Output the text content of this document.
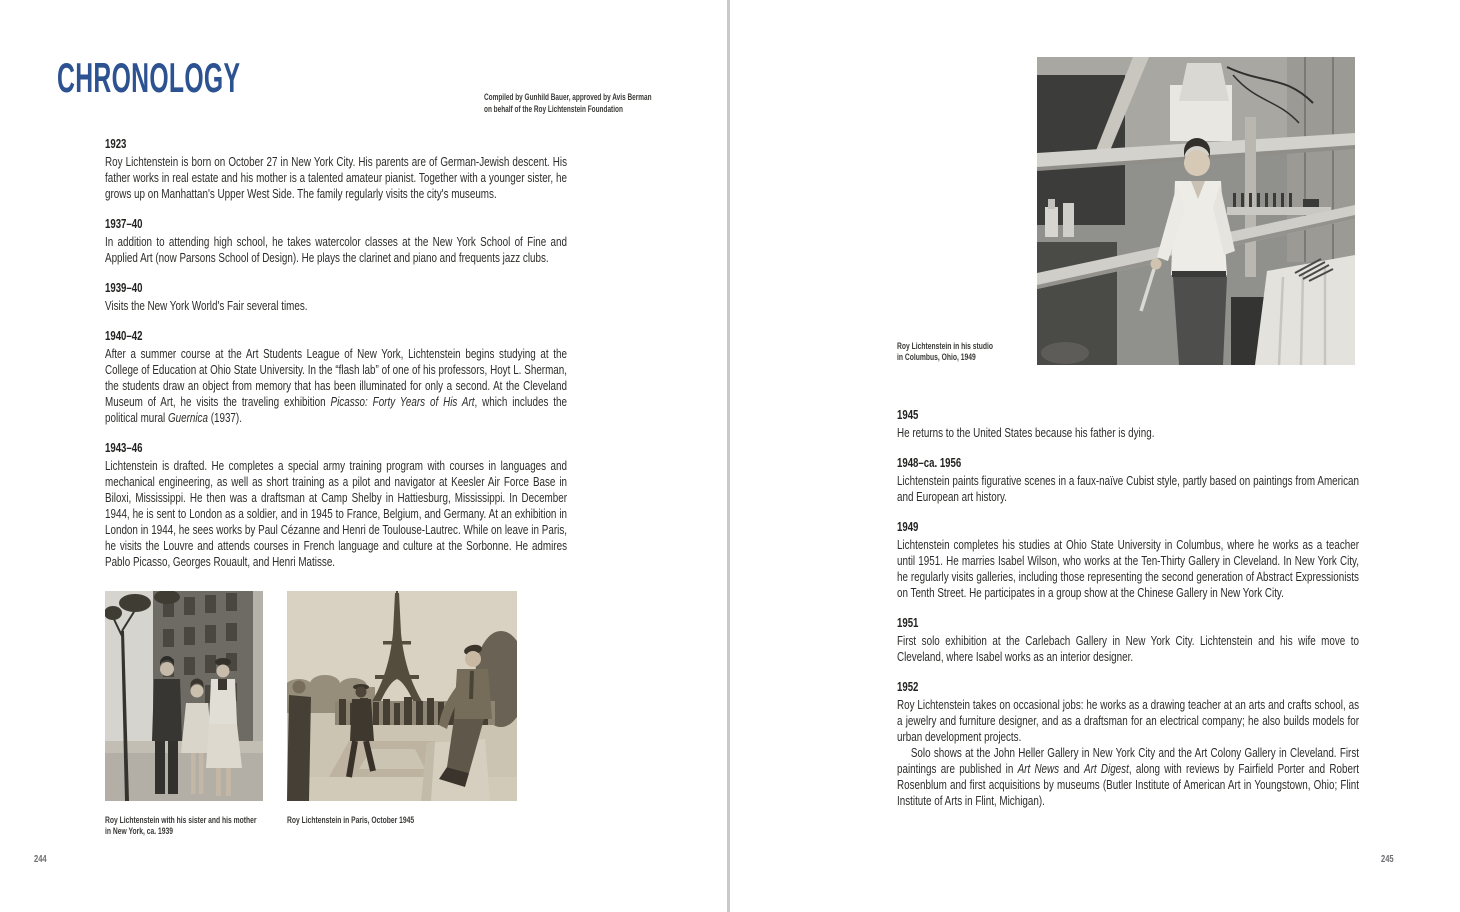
CHRONOLOGY	Compiled by Gunhild Bauer, approved by Avis Berman
on behalf of the Roy Lichtenstein Foundation
1923

Roy Lichtenstein is born on October 27 in New York City. His parents are of German-Jewish descent. His father works in real estate and his mother is a talented amateur pianist. Together with a younger sister, he grows up on Manhattan's Upper West Side. The family regularly visits the city's museums.

1937–40

In addition to attending high school, he takes watercolor classes at the New York School of Fine and Applied Art (now Parsons School of Design). He plays the clarinet and piano and frequents jazz clubs.

1939–40

Visits the New York World's Fair several times.

1940–42

After a summer course at the Art Students League of New York, Lichtenstein begins studying at the College of Education at Ohio State University. In the “flash lab” of one of his professors, Hoyt L. Sherman, the students draw an object from memory that has been illuminated for only a second. At the Cleveland Museum of Art, he visits the traveling exhibition Picasso: Forty Years of His Art, which includes the political mural Guernica (1937).

1943–46

Lichtenstein is drafted. He completes a special army training program with courses in languages and mechanical engineering, as well as short training as a pilot and navigator at Keesler Air Force Base in Biloxi, Mississippi. He then was a draftsman at Camp Shelby in Hattiesburg, Mississippi. In December 1944, he is sent to London as a soldier, and in 1945 to France, Belgium, and Germany. At an exhibition in London in 1944, he sees works by Paul Cézanne and Henri de Toulouse-Lautrec. While on leave in Paris, he visits the Louvre and attends courses in French language and culture at the Sorbonne. He admires Pablo Picasso, Georges Rouault, and Henri Matisse.

Roy Lichtenstein with his sister and his mother in New York, ca. 1939
Roy Lichtenstein in Paris, October 1945
244
Roy Lichtenstein in his studio
in Columbus, Ohio, 1949
1945

He returns to the United States because his father is dying.

1948–ca. 1956

Lichtenstein paints figurative scenes in a faux-naïve Cubist style, partly based on paintings from American and European art history.

1949

Lichtenstein completes his studies at Ohio State University in Columbus, where he works as a teacher until 1951. He marries Isabel Wilson, who works at the Ten-Thirty Gallery in Cleveland. In New York City, he regularly visits galleries, including those representing the second generation of Abstract Expressionists on Tenth Street. He participates in a group show at the Chinese Gallery in New York City.

1951

First solo exhibition at the Carlebach Gallery in New York City. Lichtenstein and his wife move to Cleveland, where Isabel works as an interior designer.

1952

Roy Lichtenstein takes on occasional jobs: he works as a drawing teacher at an arts and crafts school, as a jewelry and furniture designer, and as a draftsman for an electrical company; he also builds models for urban development projects.

Solo shows at the John Heller Gallery in New York City and the Art Colony Gallery in Cleveland. First paintings are published in Art News and Art Digest, along with reviews by Fairfield Porter and Robert Rosenblum and first acquisitions by museums (Butler Institute of American Art in Youngstown, Ohio; Flint Institute of Arts in Flint, Michigan).

245
